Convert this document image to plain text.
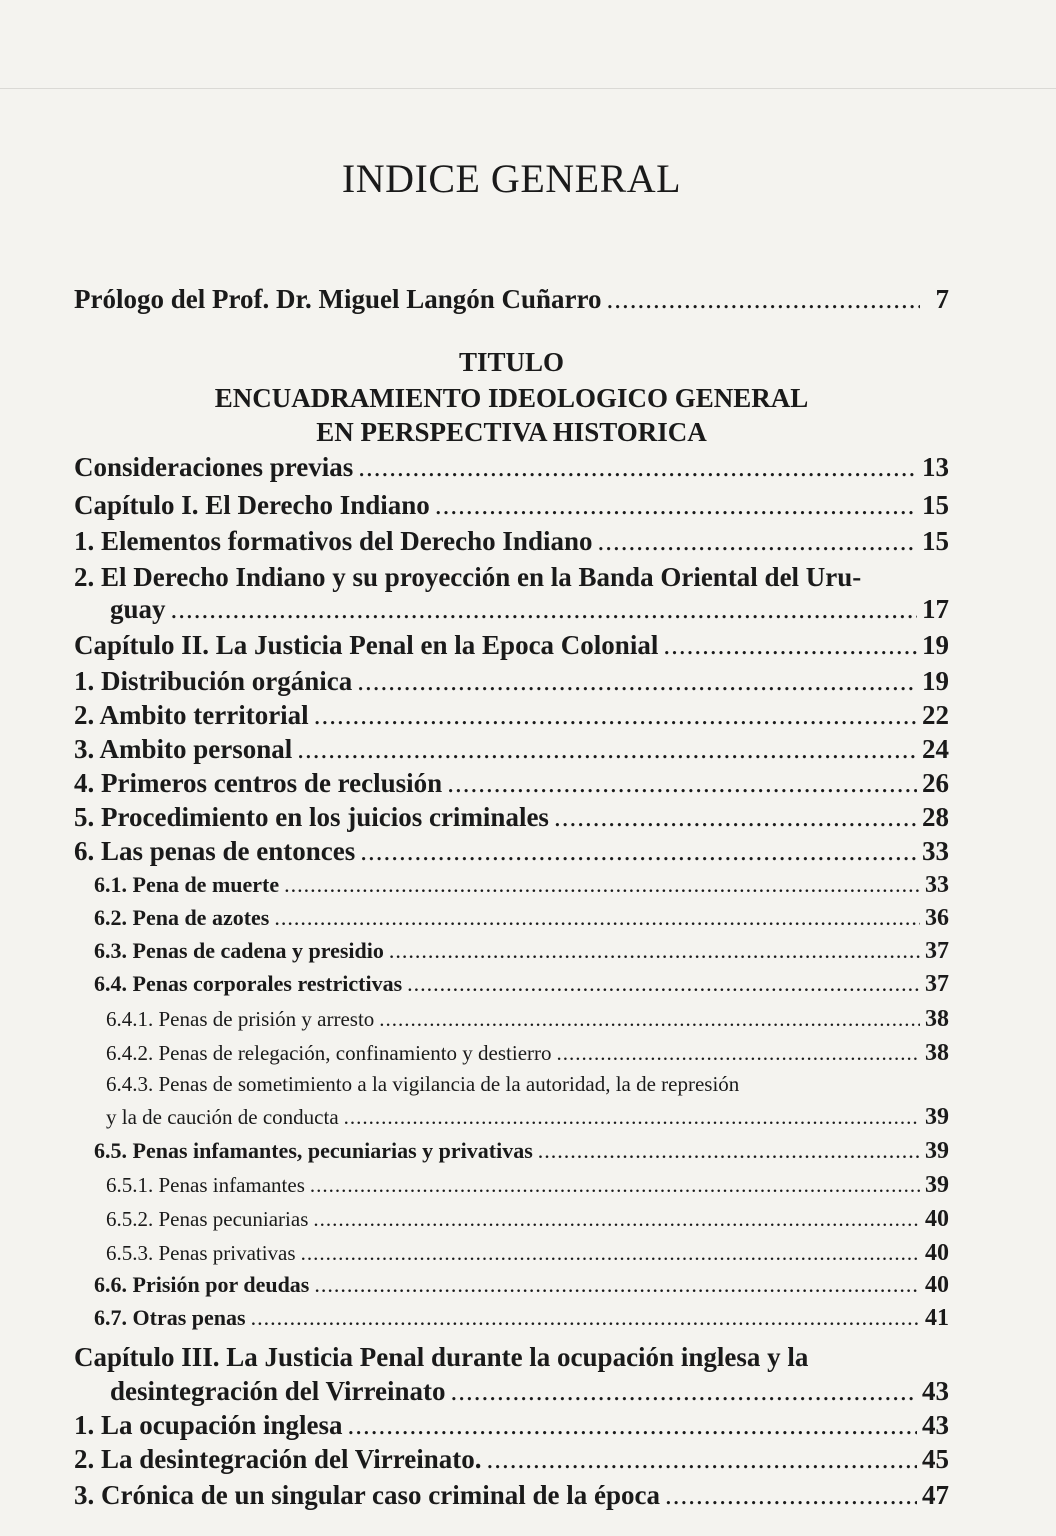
INDICE GENERAL
Prólogo del Prof. Dr. Miguel Langón Cuñarro .....	7
TITULO
ENCUADRAMIENTO IDEOLOGICO GENERAL
EN PERSPECTIVA HISTORICA
Consideraciones previas .....	13
Capítulo I. El Derecho Indiano .....	15
1. Elementos formativos del Derecho Indiano .....	15
2. El Derecho Indiano y su proyección en la Banda Oriental del Uru-
guay .....	17
Capítulo II. La Justicia Penal en la Epoca Colonial .....	19
1. Distribución orgánica .....	19
2. Ambito territorial .....	22
3. Ambito personal .....	24
4. Primeros centros de reclusión .....	26
5. Procedimiento en los juicios criminales .....	28
6. Las penas de entonces .....	33
6.1. Pena de muerte .....	33
6.2. Pena de azotes .....	36
6.3. Penas de cadena y presidio .....	37
6.4. Penas corporales restrictivas .....	37
6.4.1. Penas de prisión y arresto .....	38
6.4.2. Penas de relegación, confinamiento y destierro .....	38
6.4.3. Penas de sometimiento a la vigilancia de la autoridad, la de represión
y la de caución de conducta .....	39
6.5. Penas infamantes, pecuniarias y privativas .....	39
6.5.1. Penas infamantes .....	39
6.5.2. Penas pecuniarias .....	40
6.5.3. Penas privativas .....	40
6.6. Prisión por deudas .....	40
6.7. Otras penas .....	41
Capítulo III. La Justicia Penal durante la ocupación inglesa y la
desintegración del Virreinato .....	43
1. La ocupación inglesa .....	43
2. La desintegración del Virreinato. .....	45
3. Crónica de un singular caso criminal de la época .....	47
